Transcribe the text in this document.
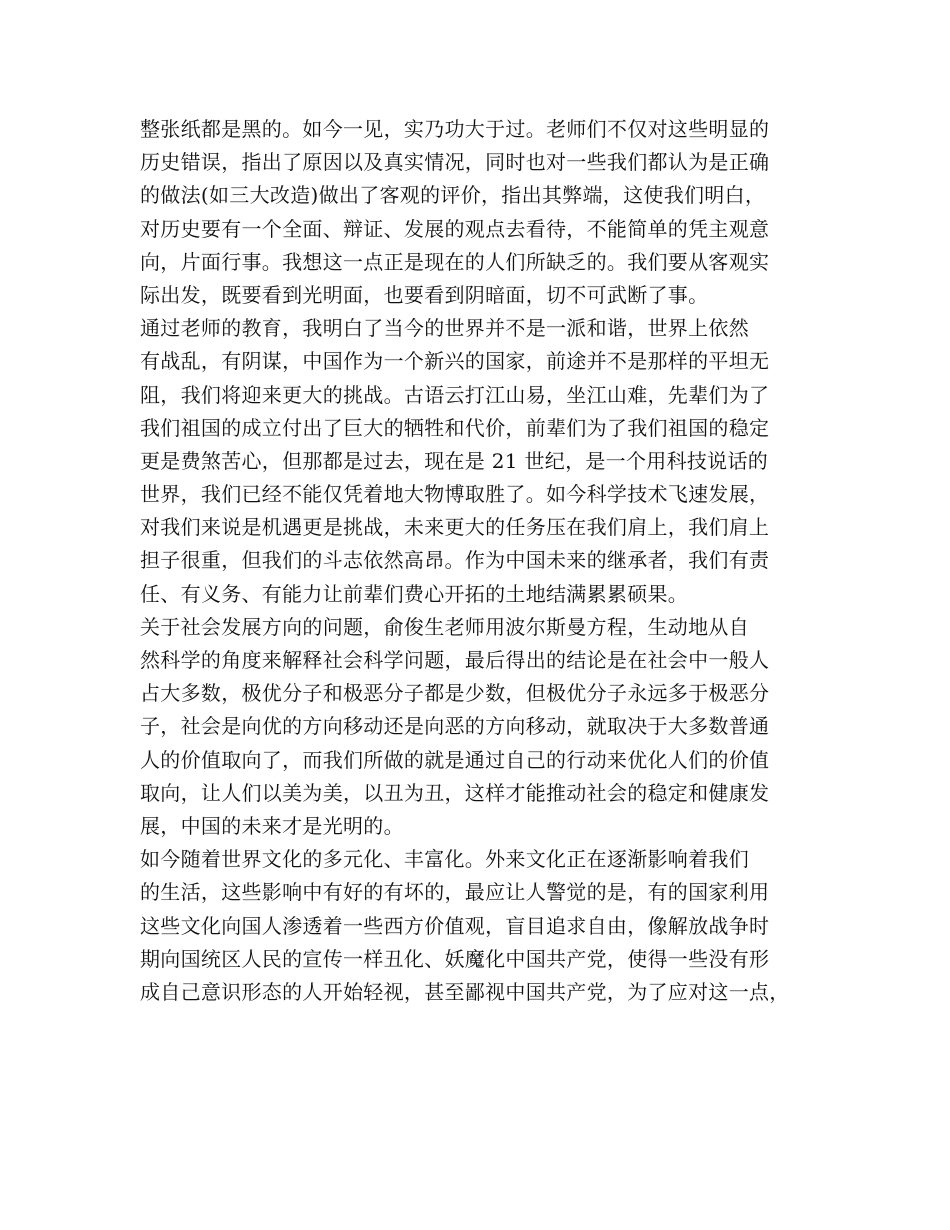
整张纸都是黑的。如今一见，实乃功大于过。老师们不仅对这些明显的
历史错误，指出了原因以及真实情况，同时也对一些我们都认为是正确
的做法(如三大改造)做出了客观的评价，指出其弊端，这使我们明白，
对历史要有一个全面、辩证、发展的观点去看待，不能简单的凭主观意
向，片面行事。我想这一点正是现在的人们所缺乏的。我们要从客观实
际出发，既要看到光明面，也要看到阴暗面，切不可武断了事。
通过老师的教育，我明白了当今的世界并不是一派和谐，世界上依然
有战乱，有阴谋，中国作为一个新兴的国家，前途并不是那样的平坦无
阻，我们将迎来更大的挑战。古语云打江山易，坐江山难，先辈们为了
我们祖国的成立付出了巨大的牺牲和代价，前辈们为了我们祖国的稳定
更是费煞苦心，但那都是过去，现在是 21 世纪，是一个用科技说话的
世界，我们已经不能仅凭着地大物博取胜了。如今科学技术飞速发展，
对我们来说是机遇更是挑战，未来更大的任务压在我们肩上，我们肩上
担子很重，但我们的斗志依然高昂。作为中国未来的继承者，我们有责
任、有义务、有能力让前辈们费心开拓的土地结满累累硕果。
关于社会发展方向的问题，俞俊生老师用波尔斯曼方程，生动地从自
然科学的角度来解释社会科学问题，最后得出的结论是在社会中一般人
占大多数，极优分子和极恶分子都是少数，但极优分子永远多于极恶分
子，社会是向优的方向移动还是向恶的方向移动，就取决于大多数普通
人的价值取向了，而我们所做的就是通过自己的行动来优化人们的价值
取向，让人们以美为美，以丑为丑，这样才能推动社会的稳定和健康发
展，中国的未来才是光明的。
如今随着世界文化的多元化、丰富化。外来文化正在逐渐影响着我们
的生活，这些影响中有好的有坏的，最应让人警觉的是，有的国家利用
这些文化向国人渗透着一些西方价值观，盲目追求自由，像解放战争时
期向国统区人民的宣传一样丑化、妖魔化中国共产党，使得一些没有形
成自己意识形态的人开始轻视，甚至鄙视中国共产党，为了应对这一点，
